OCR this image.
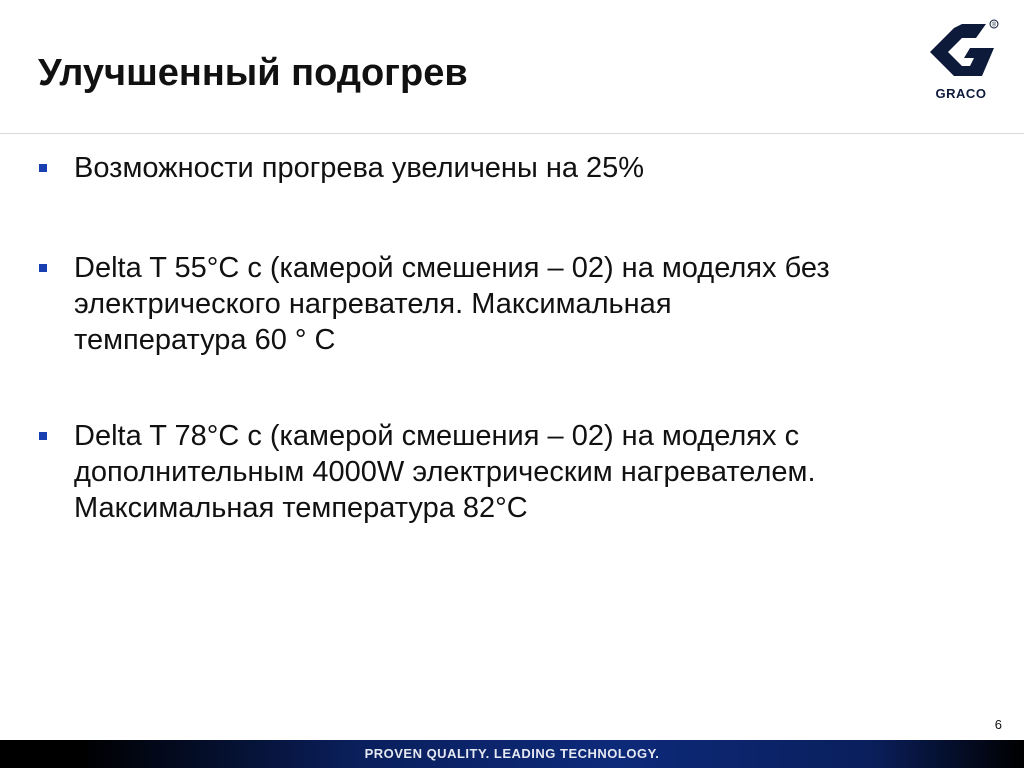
Улучшенный подогрев
®
GRACO
Возможности прогрева увеличены на 25%
Delta T 55°C с (камерой смешения – 02) на моделях без
электрического нагревателя. Максимальная
температура 60 ° C
Delta T 78°C с (камерой смешения – 02) на моделях с
дополнительным 4000W электрическим нагревателем.
Максимальная температура 82°C
6
PROVEN QUALITY. LEADING TECHNOLOGY.
